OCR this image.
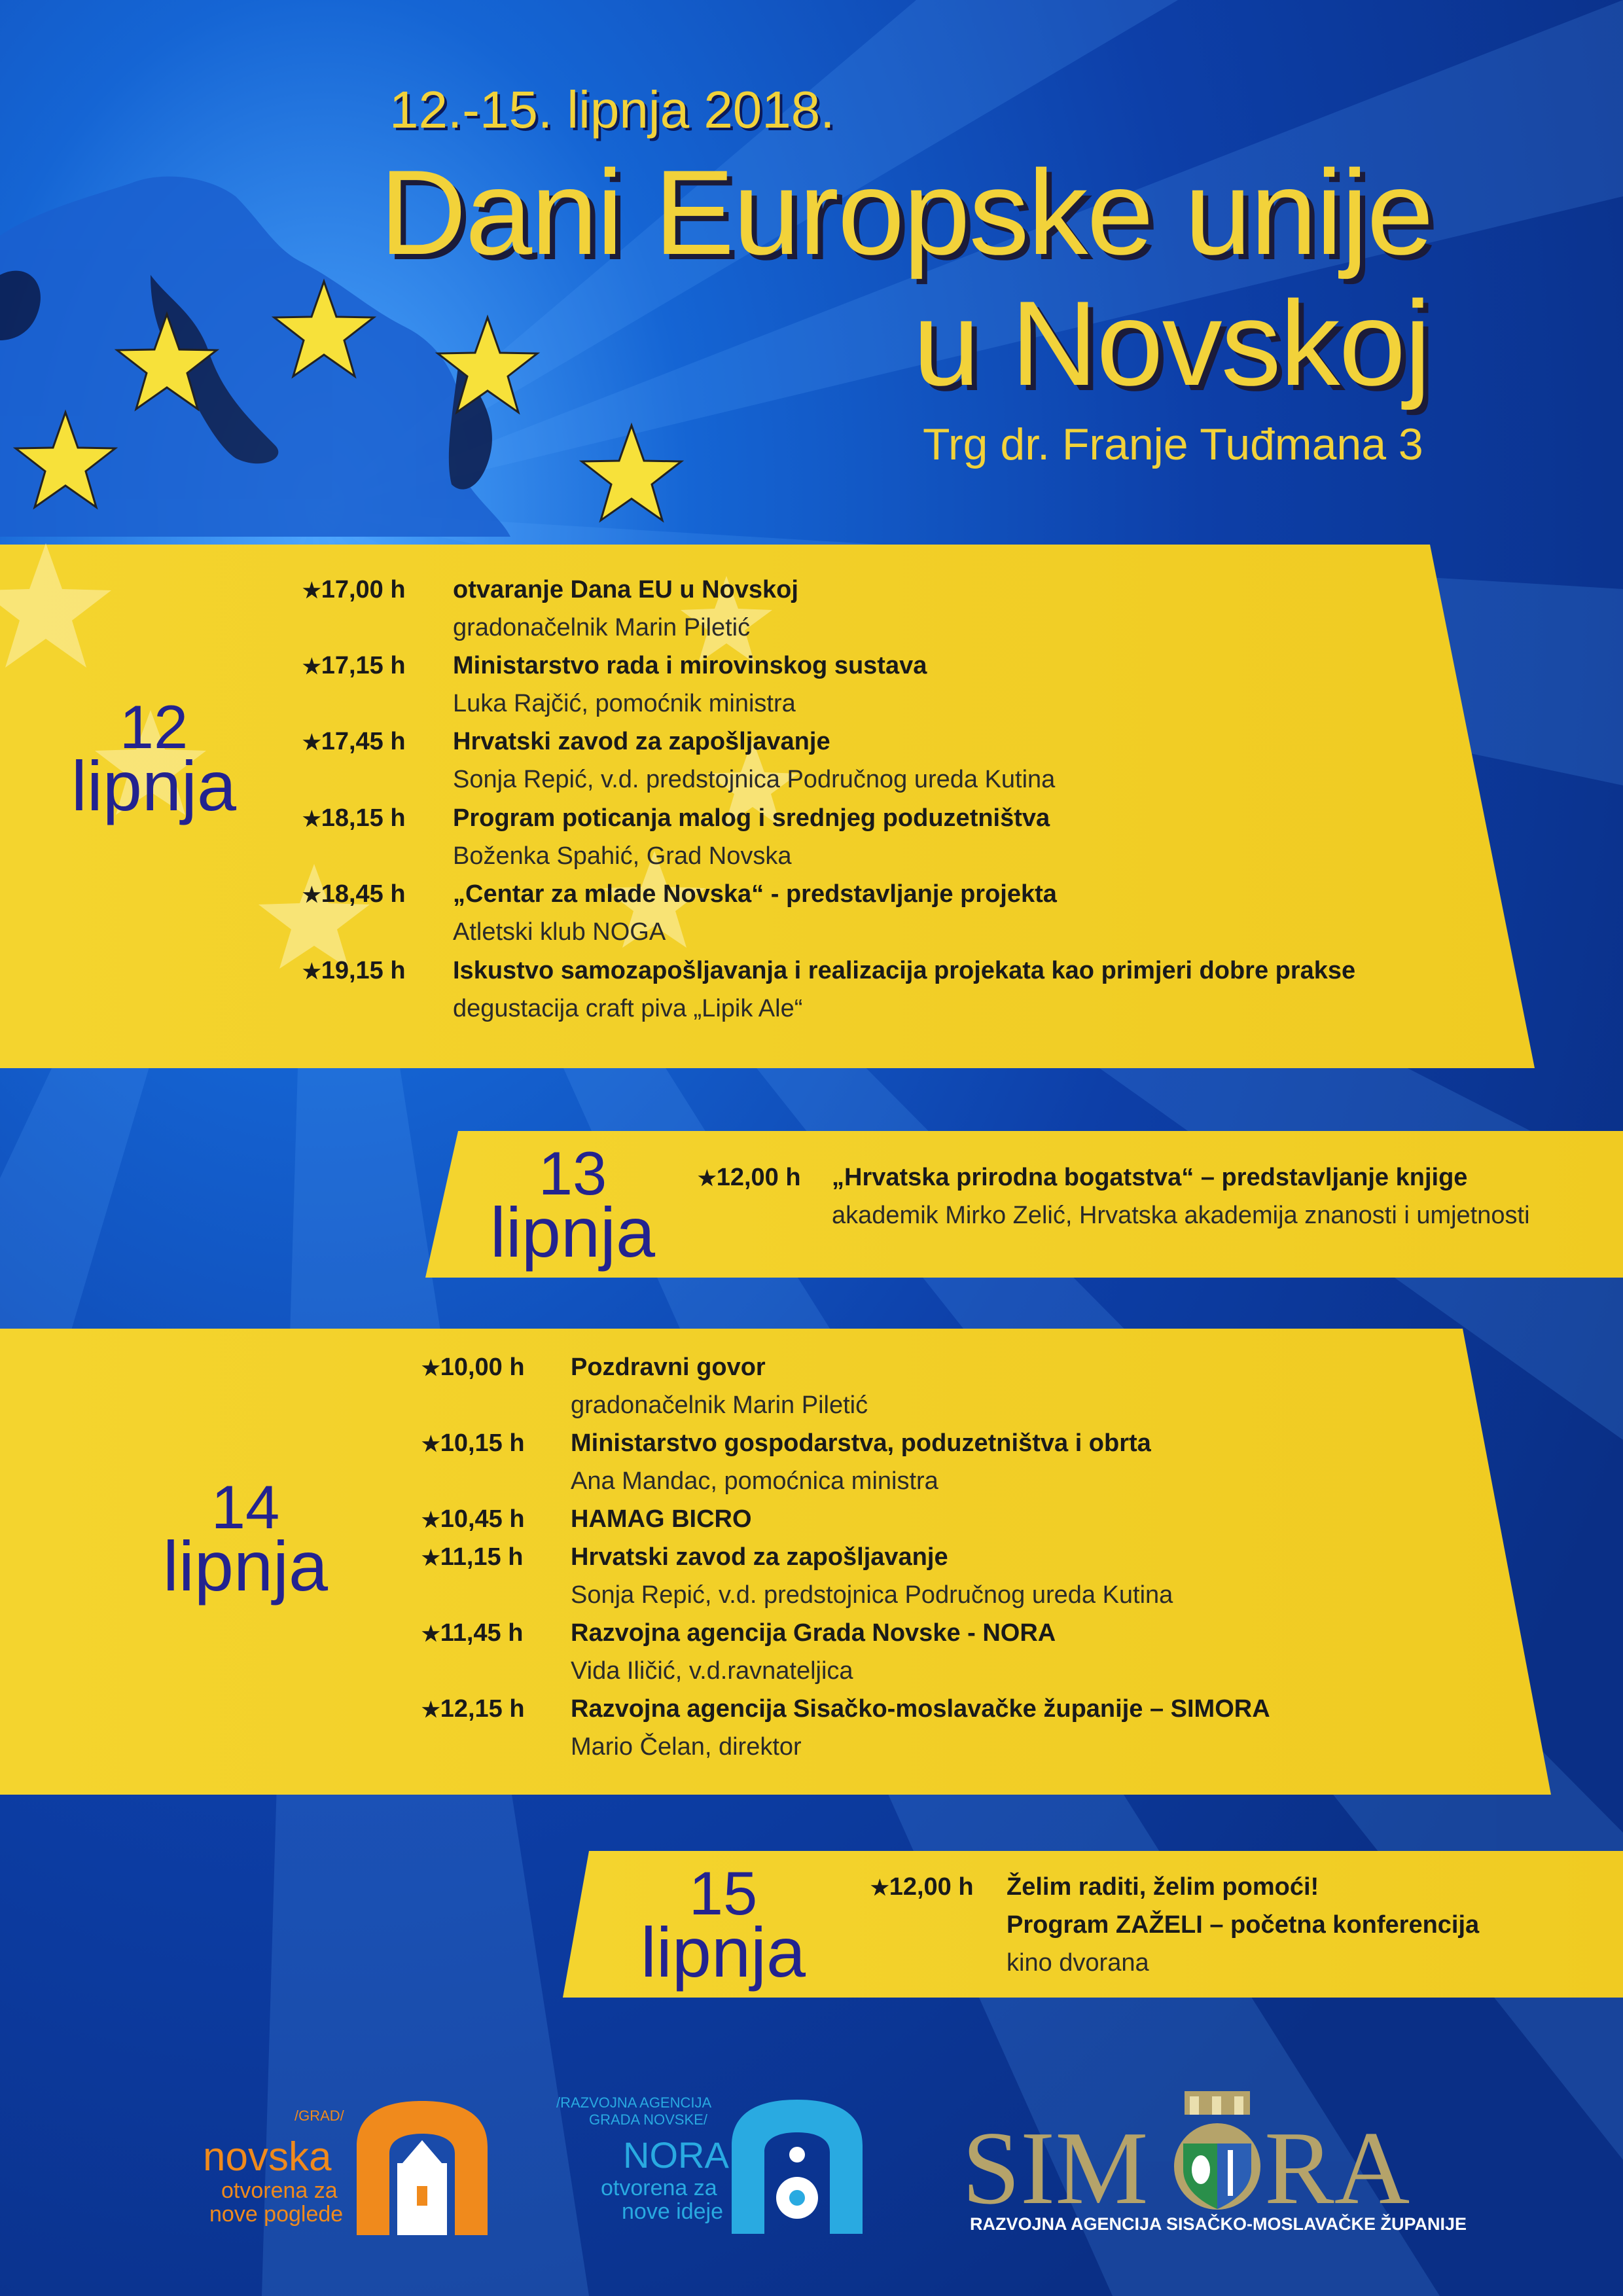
12.-15. lipnja 2018.
Dani Europske unije
u Novskoj
Trg dr. Franje Tuđmana 3
12
lipnja
★17,00 h otvaranje Dana EU u Novskoj
gradonačelnik Marin Piletić
★17,15 h Ministarstvo rada i mirovinskog sustava
Luka Rajčić, pomoćnik ministra
★17,45 h Hrvatski zavod za zapošljavanje
Sonja Repić, v.d. predstojnica Područnog ureda Kutina
★18,15 h Program poticanja malog i srednjeg poduzetništva
Boženka Spahić, Grad Novska
★18,45 h „Centar za mlade Novska“ - predstavljanje projekta
Atletski klub NOGA
★19,15 h Iskustvo samozapošljavanja i realizacija projekata kao primjeri dobre prakse
degustacija craft piva „Lipik Ale“
13
lipnja
★12,00 h „Hrvatska prirodna bogatstva“ – predstavljanje knjige
akademik Mirko Zelić, Hrvatska akademija znanosti i umjetnosti
14
lipnja
★10,00 h Pozdravni govor
gradonačelnik Marin Piletić
★10,15 h Ministarstvo gospodarstva, poduzetništva i obrta
Ana Mandac, pomoćnica ministra
★10,45 h HAMAG BICRO
★11,15 h Hrvatski zavod za zapošljavanje
Sonja Repić, v.d. predstojnica Područnog ureda Kutina
★11,45 h Razvojna agencija Grada Novske - NORA
Vida Iličić, v.d.ravnateljica
★12,15 h Razvojna agencija Sisačko-moslavačke županije – SIMORA
Mario Čelan, direktor
15
lipnja
★12,00 h Želim raditi, želim pomoći!
Program ZAŽELI – početna konferencija
kino dvorana
/GRAD/
novska
otvorena za
nove poglede
/RAZVOJNA AGENCIJA
GRADA NOVSKE/
NORA
otvorena za
nove ideje SIM RA
RAZVOJNA AGENCIJA SISAČKO-MOSLAVAČKE ŽUPANIJE
